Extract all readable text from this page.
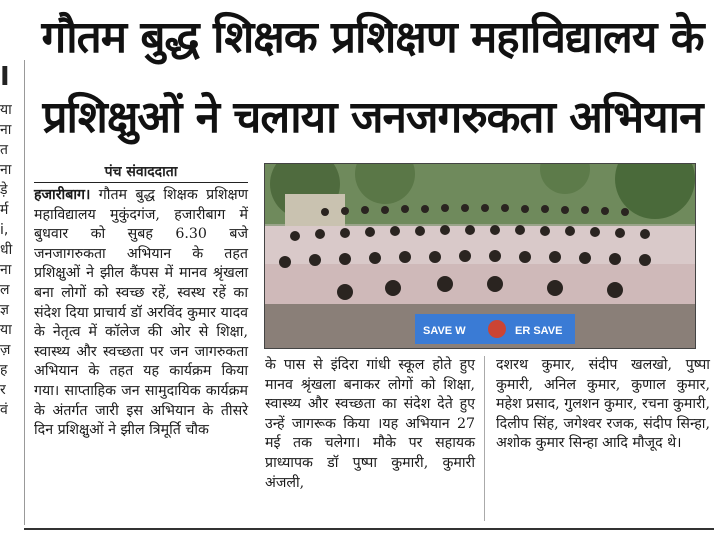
I
या
ना
त
ना
ड़े
र्म
i,
धी
ना
ल
ज्ञ
या
ज़
ह
र
वं
गौतम बुद्ध शिक्षक प्रशिक्षण महाविद्यालय के
प्रशिक्षुओं ने चलाया जनजगरुकता अभियान
पंच संवाददाता
हजारीबाग। गौतम बुद्ध शिक्षक प्रशिक्षण महाविद्यालय मुकुंदगंज, हजारीबाग में बुधवार को सुबह 6.30 बजे जनजागरुकता अभियान के तहत प्रशिक्षुओं ने झील कैंपस में मानव श्रृंखला बना लोगों को स्वच्छ रहें, स्वस्थ रहें का संदेश दिया प्राचार्य डॉ अरविंद कुमार यादव के नेतृत्व में कॉलेज की ओर से शिक्षा, स्वास्थ्य और स्वच्छता पर जन जागरुकता अभियान के तहत यह कार्यक्रम किया गया। साप्ताहिक जन सामुदायिक कार्यक्रम के अंतर्गत जारी इस अभियान के तीसरे दिन प्रशिक्षुओं ने झील त्रिमूर्ति चौक
SAVE W	ER SAVE
के पास से इंदिरा गांधी स्कूल होते हुए मानव श्रृंखला बनाकर लोगों को शिक्षा, स्वास्थ्य और स्वच्छता का संदेश देते हुए उन्हें जागरूक किया ।यह अभियान 27 मई तक चलेगा। मौके पर सहायक प्राध्यापक डॉ पुष्पा कुमारी, कुमारी अंजली,
दशरथ कुमार, संदीप खलखो, पुष्पा कुमारी, अनिल कुमार, कुणाल कुमार, महेश प्रसाद, गुलशन कुमार, रचना कुमारी, दिलीप सिंह, जगेश्वर रजक, संदीप सिन्हा, अशोक कुमार सिन्हा आदि मौजूद थे।
